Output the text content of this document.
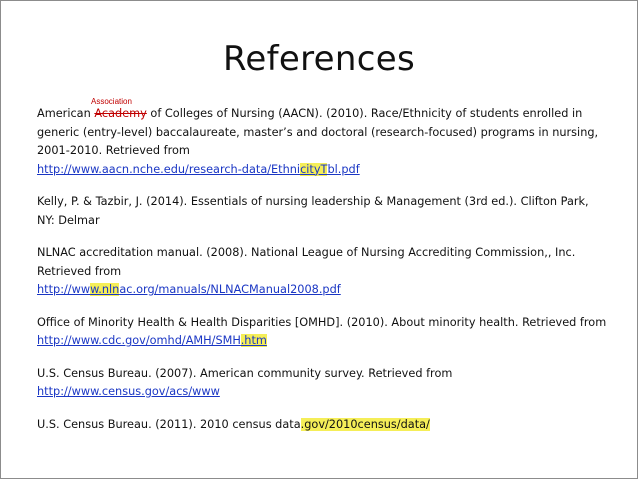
References
Association

American Academy of Colleges of Nursing (AACN). (2010). Race/Ethnicity of students enrolled in generic (entry-level) baccalaureate, master’s and doctoral (research-focused) programs in nursing, 2001-2010. Retrieved from
http://www.aacn.nche.edu/research-data/EthnicityTbl.pdf

Kelly, P. & Tazbir, J. (2014). Essentials of nursing leadership & Management (3rd ed.). Clifton Park, NY: Delmar

NLNAC accreditation manual. (2008). National League of Nursing Accrediting Commission,, Inc. Retrieved from
http://www.nlnac.org/manuals/NLNACManual2008.pdf

Office of Minority Health & Health Disparities [OMHD]. (2010). About minority health. Retrieved from
http://www.cdc.gov/omhd/AMH/SMH.htm

U.S. Census Bureau. (2007). American community survey. Retrieved from http://www.census.gov/acs/www

U.S. Census Bureau. (2011). 2010 census data.gov/2010census/data/
